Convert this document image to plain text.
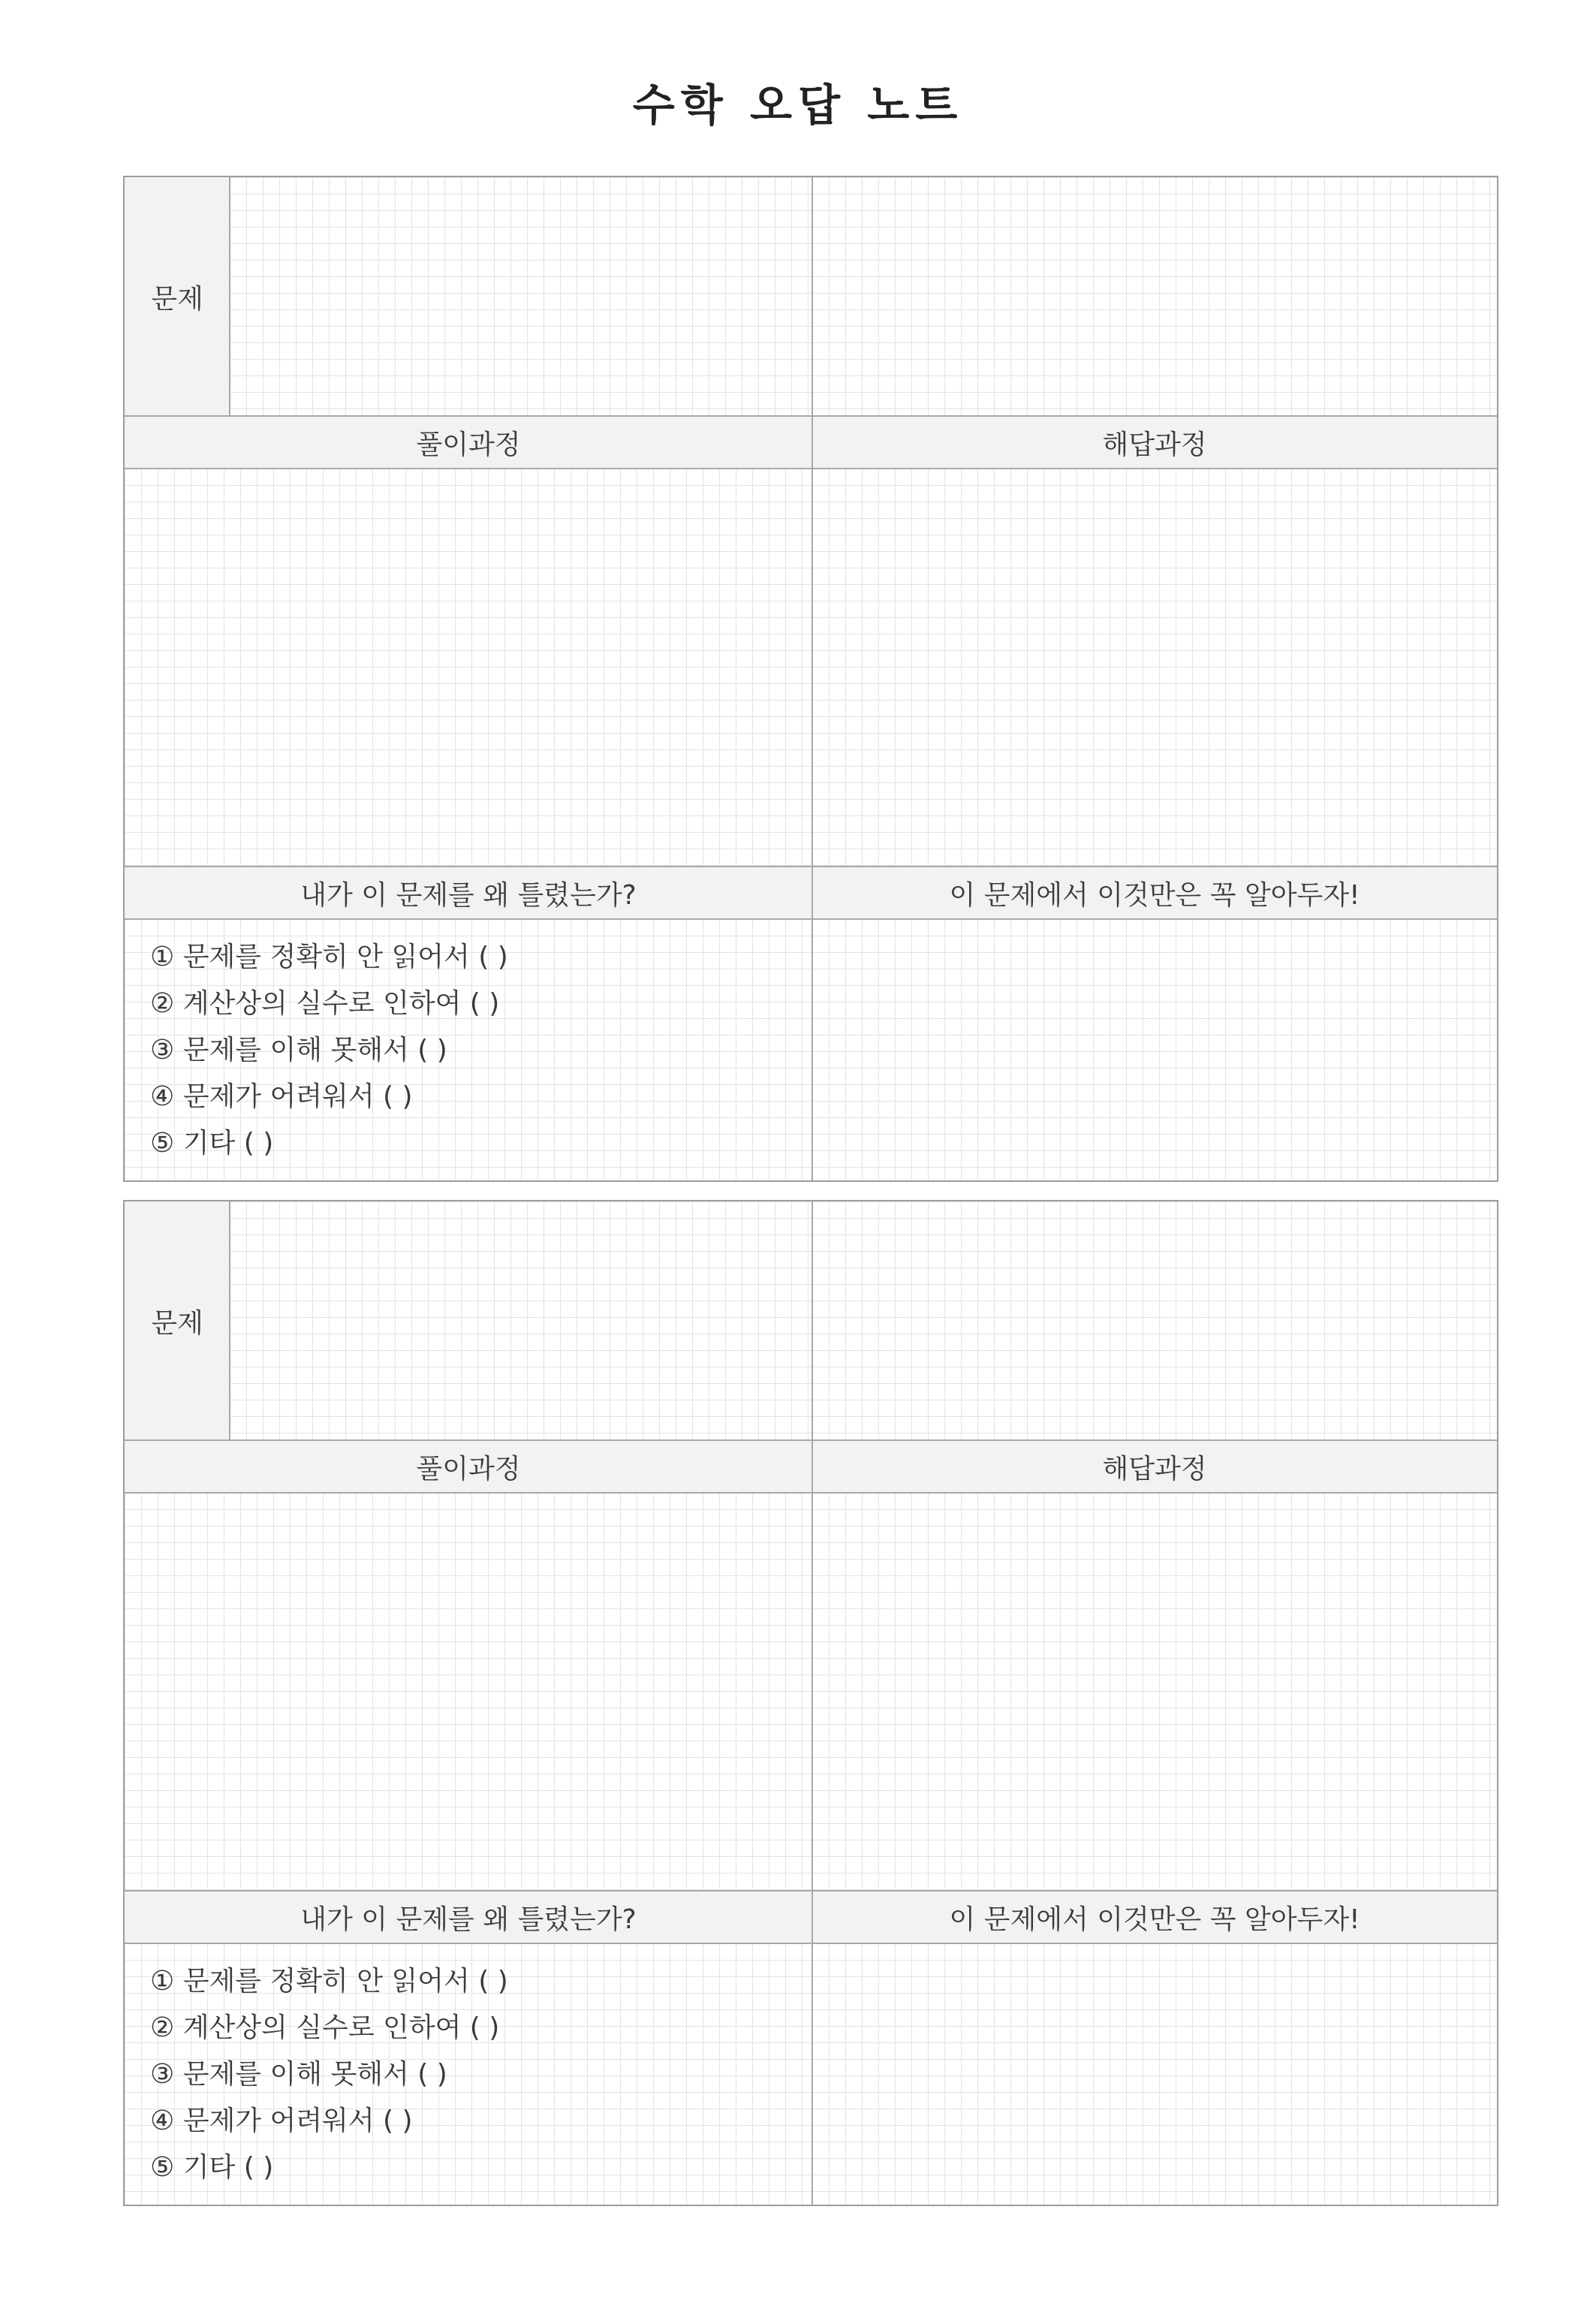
수학 오답 노트
문제
풀이과정	해답과정
내가 이 문제를 왜 틀렸는가?	이 문제에서 이것만은 꼭 알아두자!
① 문제를 정확히 안 읽어서 ( )
② 계산상의 실수로 인하여 ( )
③ 문제를 이해 못해서 ( )
④ 문제가 어려워서 ( )
⑤ 기타 ( )
문제
풀이과정	해답과정
내가 이 문제를 왜 틀렸는가?	이 문제에서 이것만은 꼭 알아두자!
① 문제를 정확히 안 읽어서 ( )
② 계산상의 실수로 인하여 ( )
③ 문제를 이해 못해서 ( )
④ 문제가 어려워서 ( )
⑤ 기타 ( )
